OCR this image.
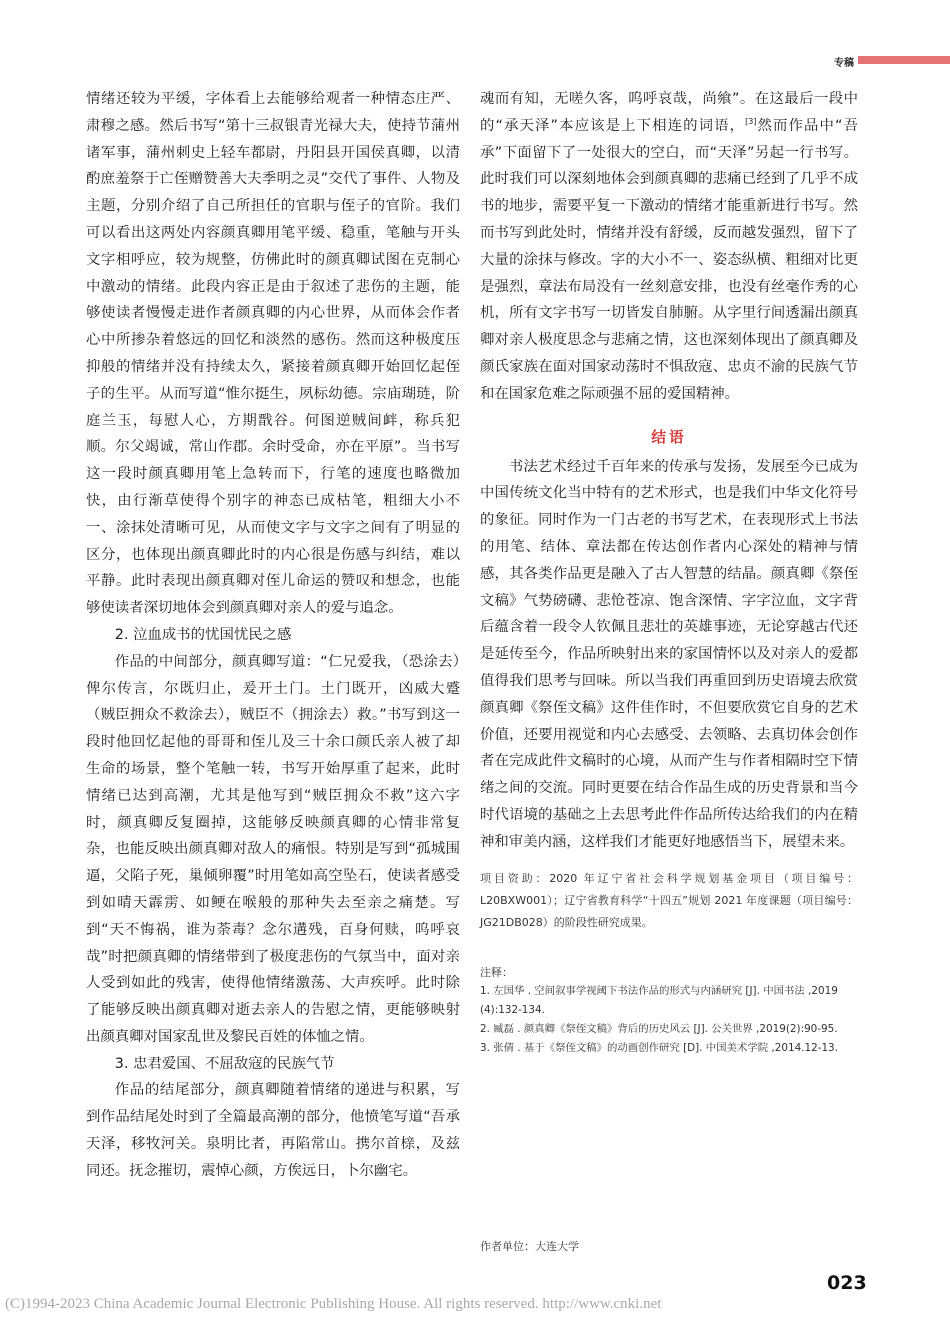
专稿

情绪还较为平缓，字体看上去能够给观者一种情态庄严、肃穆之感。然后书写“第十三叔银青光禄大夫，使持节蒲州诸军事，蒲州刺史上轻车都尉，丹阳县开国侯真卿，以清酌庶羞祭于亡侄赠赞善大夫季明之灵”交代了事件、人物及主题，分别介绍了自己所担任的官职与侄子的官阶。我们可以看出这两处内容颜真卿用笔平缓、稳重，笔触与开头文字相呼应，较为规整，仿佛此时的颜真卿试图在克制心中激动的情绪。此段内容正是由于叙述了悲伤的主题，能够使读者慢慢走进作者颜真卿的内心世界，从而体会作者心中所掺杂着悠远的回忆和淡然的感伤。然而这种极度压抑般的情绪并没有持续太久，紧接着颜真卿开始回忆起侄子的生平。从而写道“惟尔挺生，夙标幼德。宗庙瑚琏，阶庭兰玉，每慰人心，方期戬谷。何图逆贼间衅，称兵犯顺。尔父竭诚，常山作郡。余时受命，亦在平原”。当书写这一段时颜真卿用笔上急转而下，行笔的速度也略微加快，由行渐草使得个别字的神态已成枯笔，粗细大小不一、涂抹处清晰可见，从而使文字与文字之间有了明显的区分，也体现出颜真卿此时的内心很是伤感与纠结，难以平静。此时表现出颜真卿对侄儿命运的赞叹和想念，也能够使读者深切地体会到颜真卿对亲人的爱与追念。

2. 泣血成书的忧国忧民之感

作品的中间部分，颜真卿写道：“仁兄爱我，（恐涂去）俾尔传言，尔既归止，爰开土门。土门既开，凶威大蹙（贼臣拥众不救涂去），贼臣不（拥涂去）救。”书写到这一段时他回忆起他的哥哥和侄儿及三十余口颜氏亲人被了却生命的场景，整个笔触一转，书写开始厚重了起来，此时情绪已达到高潮，尤其是他写到“贼臣拥众不救”这六字时，颜真卿反复圈掉，这能够反映颜真卿的心情非常复杂，也能反映出颜真卿对敌人的痛恨。特别是写到“孤城围逼，父陷子死，巢倾卵覆”时用笔如高空坠石，使读者感受到如晴天霹雳、如鲠在喉般的那种失去至亲之痛楚。写到“天不悔祸，谁为荼毒？念尔遘残，百身何赎，呜呼哀哉”时把颜真卿的情绪带到了极度悲伤的气氛当中，面对亲人受到如此的残害，使得他情绪激荡、大声疾呼。此时除了能够反映出颜真卿对逝去亲人的告慰之情，更能够映射出颜真卿对国家乱世及黎民百姓的体恤之情。

3. 忠君爱国、不屈敌寇的民族气节

作品的结尾部分，颜真卿随着情绪的递进与积累，写到作品结尾处时到了全篇最高潮的部分，他愤笔写道“吾承天泽，移牧河关。泉明比者，再陷常山。携尔首榇，及兹同还。抚念摧切，震悼心颜，方俟远日，卜尔幽宅。

魂而有知，无嗟久客，呜呼哀哉，尚飨”。在这最后一段中的“承天泽”本应该是上下相连的词语，[3]然而作品中“吾承”下面留下了一处很大的空白，而“天泽”另起一行书写。此时我们可以深刻地体会到颜真卿的悲痛已经到了几乎不成书的地步，需要平复一下激动的情绪才能重新进行书写。然而书写到此处时，情绪并没有舒缓，反而越发强烈，留下了大量的涂抹与修改。字的大小不一、姿态纵横、粗细对比更是强烈，章法布局没有一丝刻意安排，也没有丝毫作秀的心机，所有文字书写一切皆发自肺腑。从字里行间透漏出颜真卿对亲人极度思念与悲痛之情，这也深刻体现出了颜真卿及颜氏家族在面对国家动荡时不惧敌寇、忠贞不渝的民族气节和在国家危难之际顽强不屈的爱国精神。

结语

书法艺术经过千百年来的传承与发扬，发展至今已成为中国传统文化当中特有的艺术形式，也是我们中华文化符号的象征。同时作为一门古老的书写艺术，在表现形式上书法的用笔、结体、章法都在传达创作者内心深处的精神与情感，其各类作品更是融入了古人智慧的结晶。颜真卿《祭侄文稿》气势磅礴、悲怆苍凉、饱含深情、字字泣血，文字背后蕴含着一段令人钦佩且悲壮的英雄事迹，无论穿越古代还是延传至今，作品所映射出来的家国情怀以及对亲人的爱都值得我们思考与回味。所以当我们再重回到历史语境去欣赏颜真卿《祭侄文稿》这件佳作时，不但要欣赏它自身的艺术价值，还要用视觉和内心去感受、去领略、去真切体会创作者在完成此件文稿时的心境，从而产生与作者相隔时空下情绪之间的交流。同时更要在结合作品生成的历史背景和当今时代语境的基础之上去思考此件作品所传达给我们的内在精神和审美内涵，这样我们才能更好地感悟当下，展望未来。

项目资助：2020 年辽宁省社会科学规划基金项目（项目编号：L20BXW001）；辽宁省教育科学“十四五”规划 2021 年度课题（项目编号：JG21DB028）的阶段性研究成果。

注释：

1. 左国华 . 空间叙事学视阈下书法作品的形式与内涵研究 [J]. 中国书法 ,2019 (4):132-134.

2. 臧磊 . 颜真卿《祭侄文稿》背后的历史风云 [J]. 公关世界 ,2019(2):90-95.

3. 张倩 . 基于《祭侄文稿》的动画创作研究 [D]. 中国美术学院 ,2014.12-13.

作者单位：大连大学
023
(C)1994-2023 China Academic Journal Electronic Publishing House. All rights reserved. http://www.cnki.net
